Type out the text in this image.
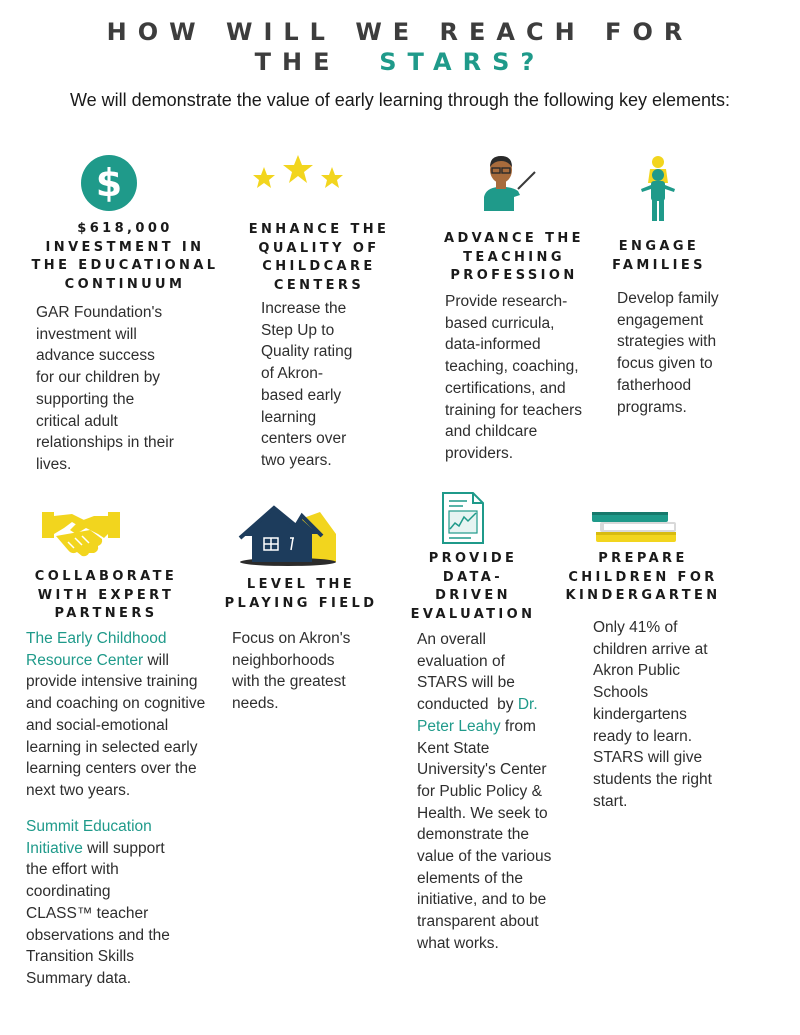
HOW WILL WE REACH FOR
THE STARS?
We will demonstrate the value of early learning through the following key elements:
$
$618,000
INVESTMENT IN
THE EDUCATIONAL
CONTINUUM
GAR Foundation's
investment will
advance success
for our children by
supporting the
critical adult
relationships in their
lives.
ENHANCE THE
QUALITY OF
CHILDCARE
CENTERS
Increase the
Step Up to
Quality rating
of Akron-
based early
learning
centers over
two years.
ADVANCE THE
TEACHING
PROFESSION
Provide research-
based curricula,
data-informed
teaching, coaching,
certifications, and
training for teachers
and childcare
providers.
ENGAGE
FAMILIES
Develop family
engagement
strategies with
focus given to
fatherhood
programs.
COLLABORATE
WITH EXPERT
PARTNERS
The Early Childhood
Resource Center will
provide intensive training
and coaching on cognitive
and social-emotional
learning in selected early
learning centers over the
next two years.
Summit Education
Initiative will support
the effort with
coordinating
CLASS™ teacher
observations and the
Transition Skills
Summary data.
LEVEL THE
PLAYING FIELD
Focus on Akron's
neighborhoods
with the greatest
needs.
PROVIDE
DATA-
DRIVEN
EVALUATION
An overall
evaluation of
STARS will be
conducted  by Dr.
Peter Leahy from
Kent State
University's Center
for Public Policy &
Health. We seek to
demonstrate the
value of the various
elements of the
initiative, and to be
transparent about
what works.
PREPARE
CHILDREN FOR
KINDERGARTEN
Only 41% of
children arrive at
Akron Public
Schools
kindergartens
ready to learn.
STARS will give
students the right
start.
